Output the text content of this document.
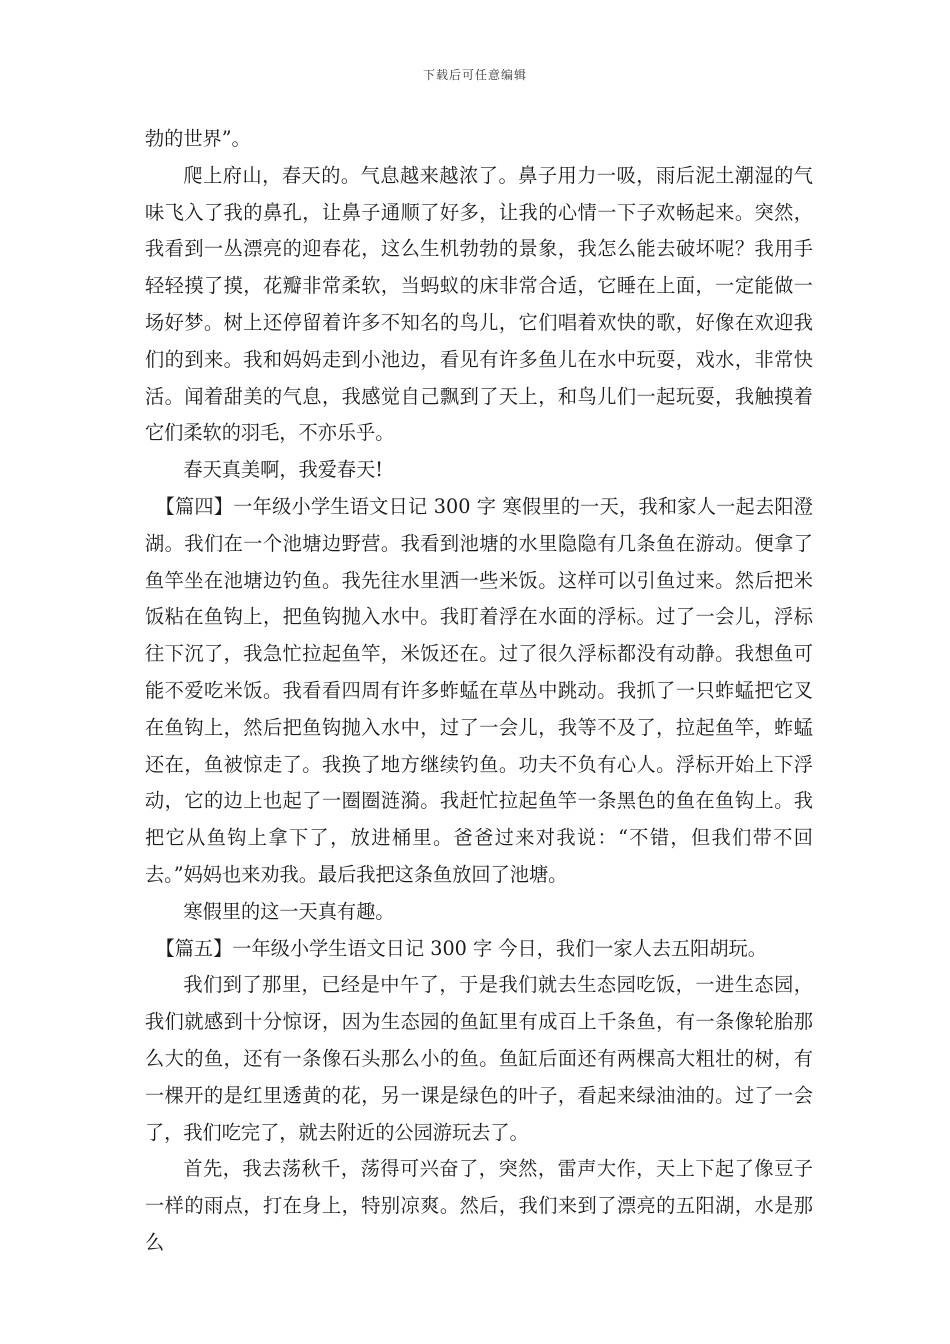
下载后可任意编辑

勃的世界”。

爬上府山，春天的。气息越来越浓了。鼻子用力一吸，雨后泥土潮湿的气味飞入了我的鼻孔，让鼻子通顺了好多，让我的心情一下子欢畅起来。突然，我看到一丛漂亮的迎春花，这么生机勃勃的景象，我怎么能去破坏呢？我用手轻轻摸了摸，花瓣非常柔软，当蚂蚁的床非常合适，它睡在上面，一定能做一场好梦。树上还停留着许多不知名的鸟儿，它们唱着欢快的歌，好像在欢迎我们的到来。我和妈妈走到小池边，看见有许多鱼儿在水中玩耍，戏水，非常快活。闻着甜美的气息，我感觉自己飘到了天上，和鸟儿们一起玩耍，我触摸着它们柔软的羽毛，不亦乐乎。

春天真美啊，我爱春天!

【篇四】一年级小学生语文日记 300 字 寒假里的一天，我和家人一起去阳澄湖。我们在一个池塘边野营。我看到池塘的水里隐隐有几条鱼在游动。便拿了鱼竿坐在池塘边钓鱼。我先往水里洒一些米饭。这样可以引鱼过来。然后把米饭粘在鱼钩上，把鱼钩抛入水中。我盯着浮在水面的浮标。过了一会儿，浮标往下沉了，我急忙拉起鱼竿，米饭还在。过了很久浮标都没有动静。我想鱼可能不爱吃米饭。我看看四周有许多蚱蜢在草丛中跳动。我抓了一只蚱蜢把它叉在鱼钩上，然后把鱼钩抛入水中，过了一会儿，我等不及了，拉起鱼竿，蚱蜢还在，鱼被惊走了。我换了地方继续钓鱼。功夫不负有心人。浮标开始上下浮动，它的边上也起了一圈圈涟漪。我赶忙拉起鱼竿一条黑色的鱼在鱼钩上。我把它从鱼钩上拿下了，放进桶里。爸爸过来对我说：“不错，但我们带不回去。”妈妈也来劝我。最后我把这条鱼放回了池塘。

寒假里的这一天真有趣。

【篇五】一年级小学生语文日记 300 字 今日，我们一家人去五阳胡玩。

我们到了那里，已经是中午了，于是我们就去生态园吃饭，一进生态园，我们就感到十分惊讶，因为生态园的鱼缸里有成百上千条鱼，有一条像轮胎那么大的鱼，还有一条像石头那么小的鱼。鱼缸后面还有两棵高大粗壮的树，有一棵开的是红里透黄的花，另一课是绿色的叶子，看起来绿油油的。过了一会了，我们吃完了，就去附近的公园游玩去了。

首先，我去荡秋千，荡得可兴奋了，突然，雷声大作，天上下起了像豆子一样的雨点，打在身上，特别凉爽。然后，我们来到了漂亮的五阳湖，水是那么
